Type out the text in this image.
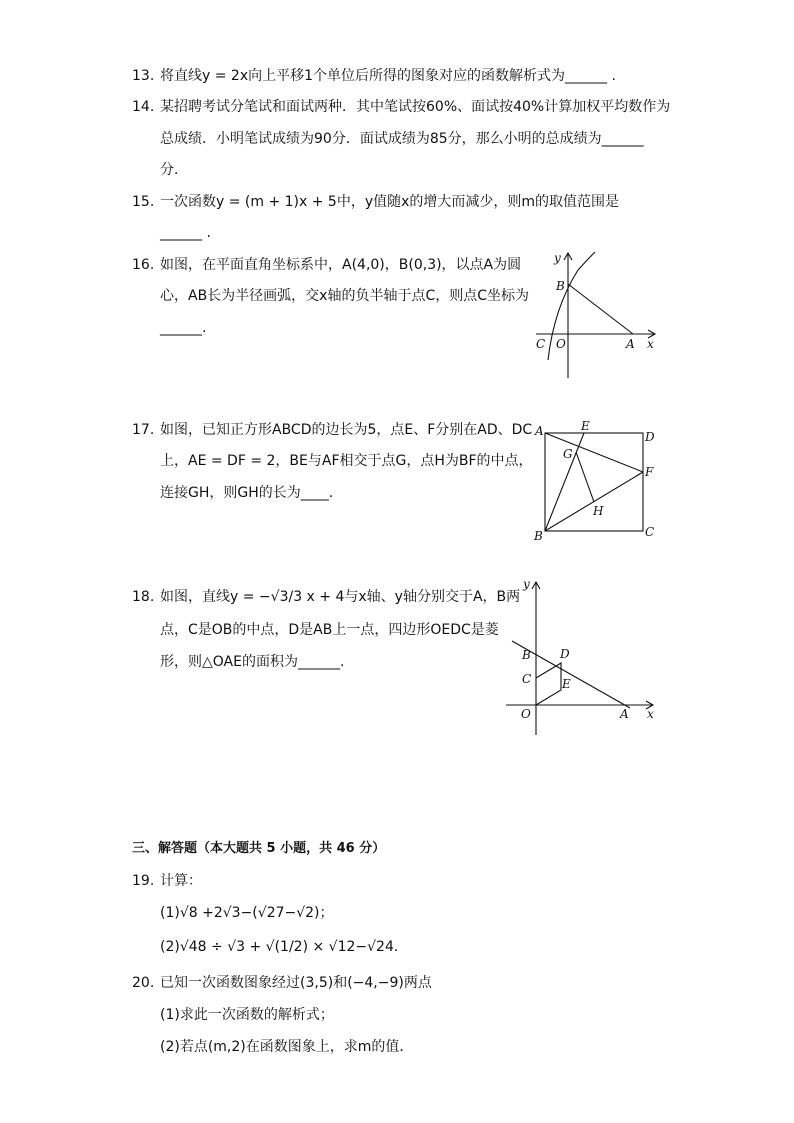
13. 将直线y = 2x向上平移1个单位后所得的图象对应的函数解析式为______ .
14. 某招聘考试分笔试和面试两种．其中笔试按60%、面试按40%计算加权平均数作为
总成绩．小明笔试成绩为90分．面试成绩为85分，那么小明的总成绩为______
分．
15. 一次函数y = (m + 1)x + 5中，y值随x的增大而减少，则m的取值范围是
______ .
16. 如图，在平面直角坐标系中，A(4,0)，B(0,3)，以点A为圆
心，AB长为半径画弧，交x轴的负半轴于点C，则点C坐标为
______.
y
B
C O	A x
17. 如图，已知正方形ABCD的边长为5，点E、F分别在AD、DC
上，AE = DF = 2，BE与AF相交于点G，点H为BF的中点，
连接GH，则GH的长为____.
A	E
D
G
F
H
B	C
18. 如图，直线y = −√3/3 x + 4与x轴、y轴分别交于A，B两
点，C是OB的中点，D是AB上一点，四边形OEDC是菱
形，则△OAE的面积为______.
y
B D
C	E
O	A x
三、解答题（本大题共 5 小题，共 46 分）
19. 计算：
(1)√8 +2√3−(√27−√2)；
(2)√48 ÷ √3 + √(1/2) × √12−√24.
20. 已知一次函数图象经过(3,5)和(−4,−9)两点
(1)求此一次函数的解析式；
(2)若点(m,2)在函数图象上，求m的值．
